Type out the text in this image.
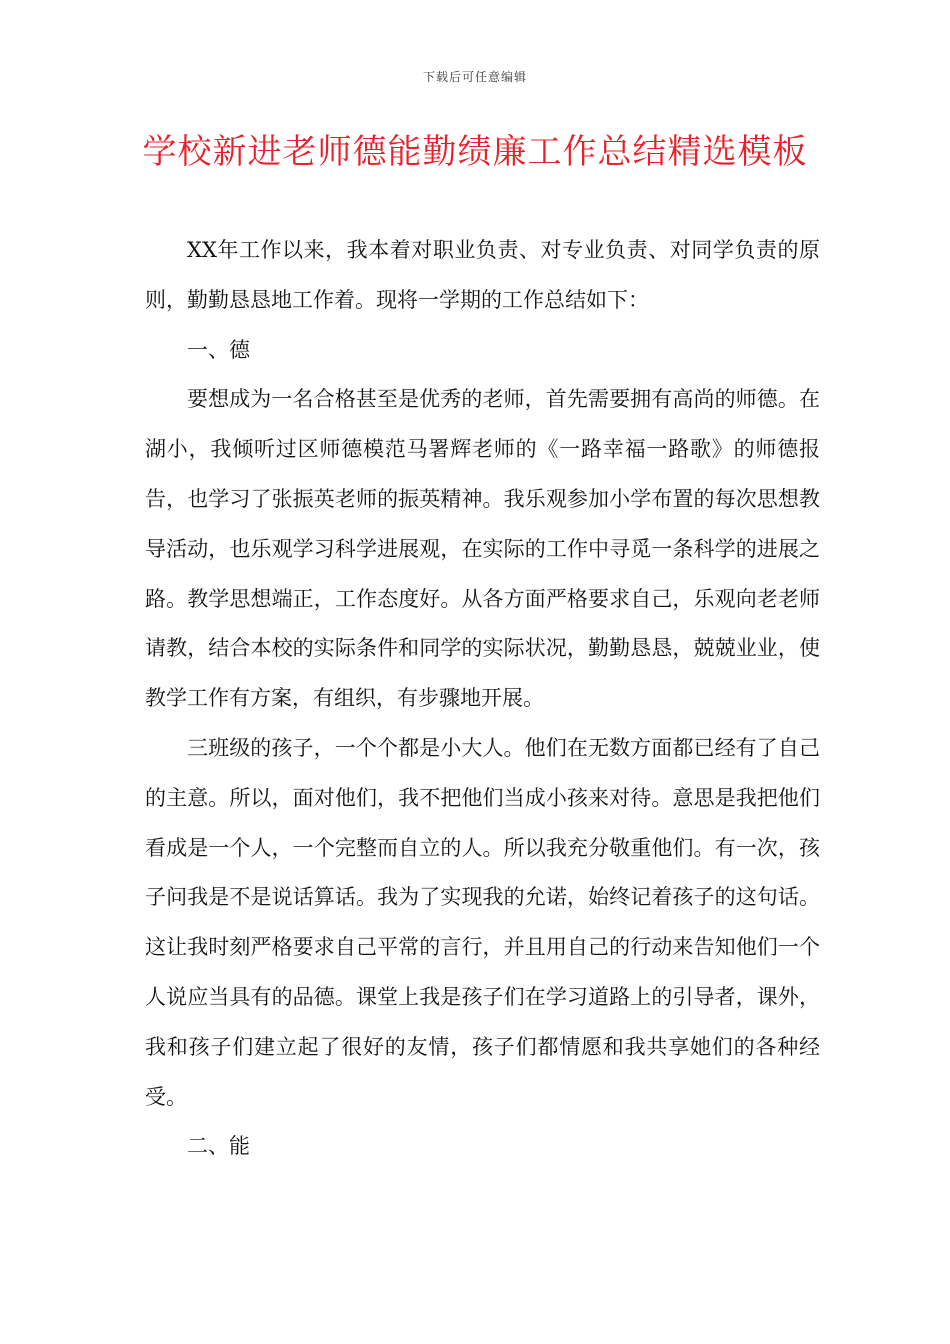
下载后可任意编辑
学校新进老师德能勤绩廉工作总结精选模板

XX年工作以来，我本着对职业负责、对专业负责、对同学负责的原则，勤勤恳恳地工作着。现将一学期的工作总结如下：

一、德

要想成为一名合格甚至是优秀的老师，首先需要拥有高尚的师德。在湖小，我倾听过区师德模范马署辉老师的《一路幸福一路歌》的师德报告，也学习了张振英老师的振英精神。我乐观参加小学布置的每次思想教导活动，也乐观学习科学进展观，在实际的工作中寻觅一条科学的进展之路。教学思想端正，工作态度好。从各方面严格要求自己，乐观向老老师请教，结合本校的实际条件和同学的实际状况，勤勤恳恳，兢兢业业，使教学工作有方案，有组织，有步骤地开展。

三班级的孩子，一个个都是小大人。他们在无数方面都已经有了自己的主意。所以，面对他们，我不把他们当成小孩来对待。意思是我把他们看成是一个人，一个完整而自立的人。所以我充分敬重他们。有一次，孩子问我是不是说话算话。我为了实现我的允诺，始终记着孩子的这句话。这让我时刻严格要求自己平常的言行，并且用自己的行动来告知他们一个人说应当具有的品德。课堂上我是孩子们在学习道路上的引导者，课外，我和孩子们建立起了很好的友情，孩子们都情愿和我共享她们的各种经受。

二、能
